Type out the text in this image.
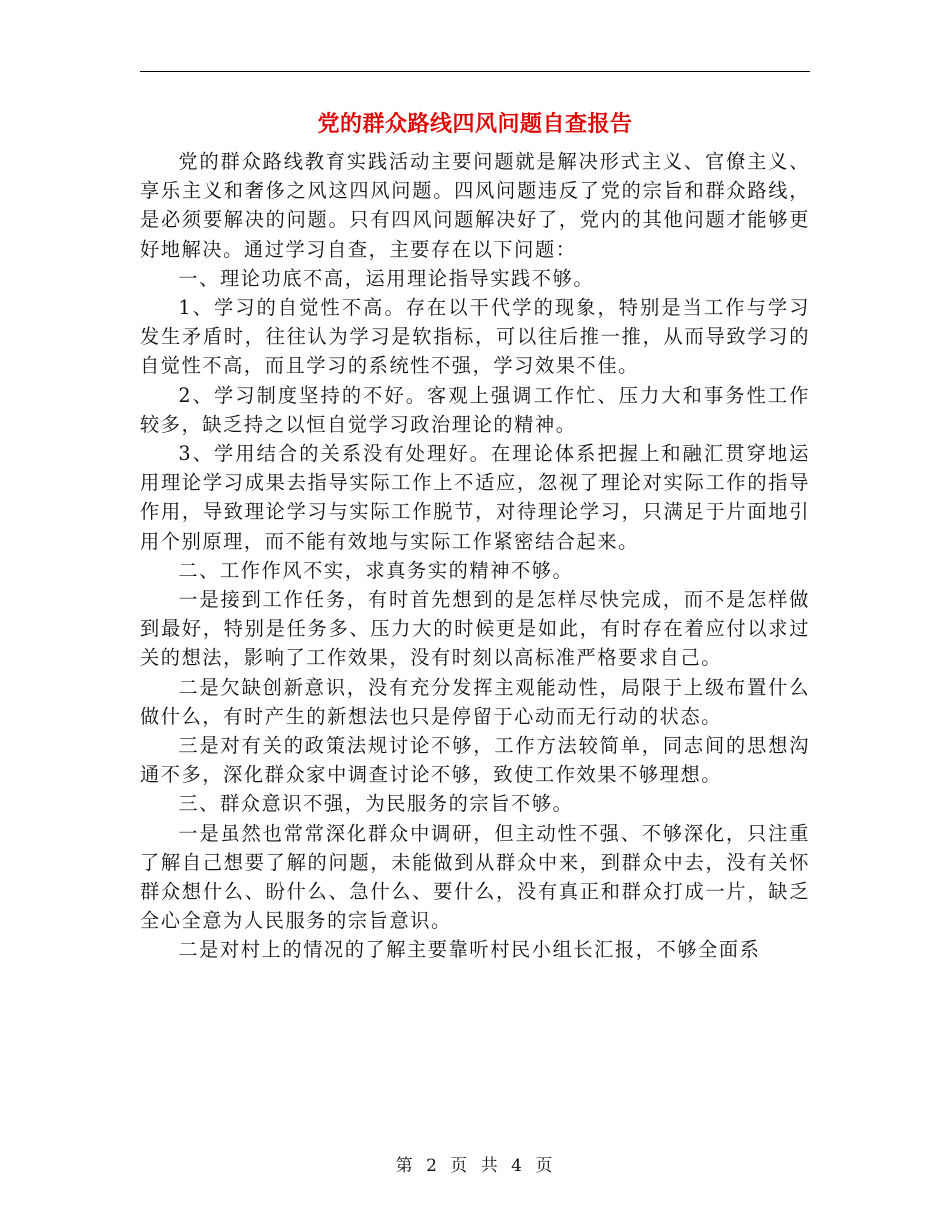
党的群众路线四风问题自查报告

党的群众路线教育实践活动主要问题就是解决形式主义、官僚主义、享乐主义和奢侈之风这四风问题。四风问题违反了党的宗旨和群众路线，是必须要解决的问题。只有四风问题解决好了，党内的其他问题才能够更好地解决。通过学习自查，主要存在以下问题：

一、理论功底不高，运用理论指导实践不够。

1、学习的自觉性不高。存在以干代学的现象，特别是当工作与学习发生矛盾时，往往认为学习是软指标，可以往后推一推，从而导致学习的自觉性不高，而且学习的系统性不强，学习效果不佳。

2、学习制度坚持的不好。客观上强调工作忙、压力大和事务性工作较多，缺乏持之以恒自觉学习政治理论的精神。

3、学用结合的关系没有处理好。在理论体系把握上和融汇贯穿地运用理论学习成果去指导实际工作上不适应，忽视了理论对实际工作的指导作用，导致理论学习与实际工作脱节，对待理论学习，只满足于片面地引用个别原理，而不能有效地与实际工作紧密结合起来。

二、工作作风不实，求真务实的精神不够。

一是接到工作任务，有时首先想到的是怎样尽快完成，而不是怎样做到最好，特别是任务多、压力大的时候更是如此，有时存在着应付以求过关的想法，影响了工作效果，没有时刻以高标准严格要求自己。

二是欠缺创新意识，没有充分发挥主观能动性，局限于上级布置什么做什么，有时产生的新想法也只是停留于心动而无行动的状态。

三是对有关的政策法规讨论不够，工作方法较简单，同志间的思想沟通不多，深化群众家中调查讨论不够，致使工作效果不够理想。

三、群众意识不强，为民服务的宗旨不够。

一是虽然也常常深化群众中调研，但主动性不强、不够深化，只注重了解自己想要了解的问题，未能做到从群众中来，到群众中去，没有关怀群众想什么、盼什么、急什么、要什么，没有真正和群众打成一片，缺乏全心全意为人民服务的宗旨意识。

二是对村上的情况的了解主要靠听村民小组长汇报，不够全面系

第 2 页 共 4 页
